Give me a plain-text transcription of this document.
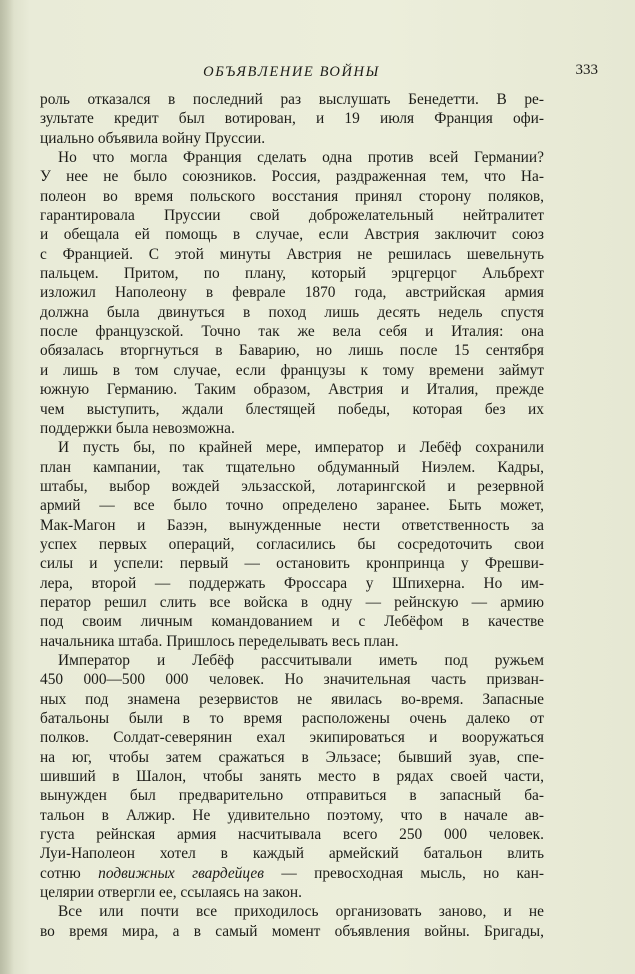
ОБЪЯВЛЕНИЕ ВОЙНЫ	333
роль отказался в последний раз выслушать Бенедетти. В ре-
зультате кредит был вотирован, и 19 июля Франция офи-
циально объявила войну Пруссии.
Но что могла Франция сделать одна против всей Германии?
У нее не было союзников. Россия, раздраженная тем, что На-
полеон во время польского восстания принял сторону поляков,
гарантировала Пруссии свой доброжелательный нейтралитет
и обещала ей помощь в случае, если Австрия заключит союз
с Францией. С этой минуты Австрия не решилась шевельнуть
пальцем. Притом, по плану, который эрцгерцог Альбрехт
изложил Наполеону в феврале 1870 года, австрийская армия
должна была двинуться в поход лишь десять недель спустя
после французской. Точно так же вела себя и Италия: она
обязалась вторгнуться в Баварию, но лишь после 15 сентября
и лишь в том случае, если французы к тому времени займут
южную Германию. Таким образом, Австрия и Италия, прежде
чем выступить, ждали блестящей победы, которая без их
поддержки была невозможна.
И пусть бы, по крайней мере, император и Лебёф сохранили
план кампании, так тщательно обдуманный Ниэлем. Кадры,
штабы, выбор вождей эльзасской, лотарингской и резервной
армий — все было точно определено заранее. Быть может,
Мак-Магон и Базэн, вынужденные нести ответственность за
успех первых операций, согласились бы сосредоточить свои
силы и успели: первый — остановить кронпринца у Фрешви-
лера, второй — поддержать Фроссара у Шпихерна. Но им-
ператор решил слить все войска в одну — рейнскую — армию
под своим личным командованием и с Лебёфом в качестве
начальника штаба. Пришлось переделывать весь план.
Император и Лебёф рассчитывали иметь под ружьем
450 000—500 000 человек. Но значительная часть призван-
ных под знамена резервистов не явилась во-время. Запасные
батальоны были в то время расположены очень далеко от
полков. Солдат-северянин ехал экипироваться и вооружаться
на юг, чтобы затем сражаться в Эльзасе; бывший зуав, спе-
шивший в Шалон, чтобы занять место в рядах своей части,
вынужден был предварительно отправиться в запасный ба-
тальон в Алжир. Не удивительно поэтому, что в начале ав-
густа рейнская армия насчитывала всего 250 000 человек.
Луи-Наполеон хотел в каждый армейский батальон влить
сотню подвижных гвардейцев — превосходная мысль, но кан-
целярии отвергли ее, ссылаясь на закон.
Все или почти все приходилось организовать заново, и не
во время мира, а в самый момент объявления войны. Бригады,
